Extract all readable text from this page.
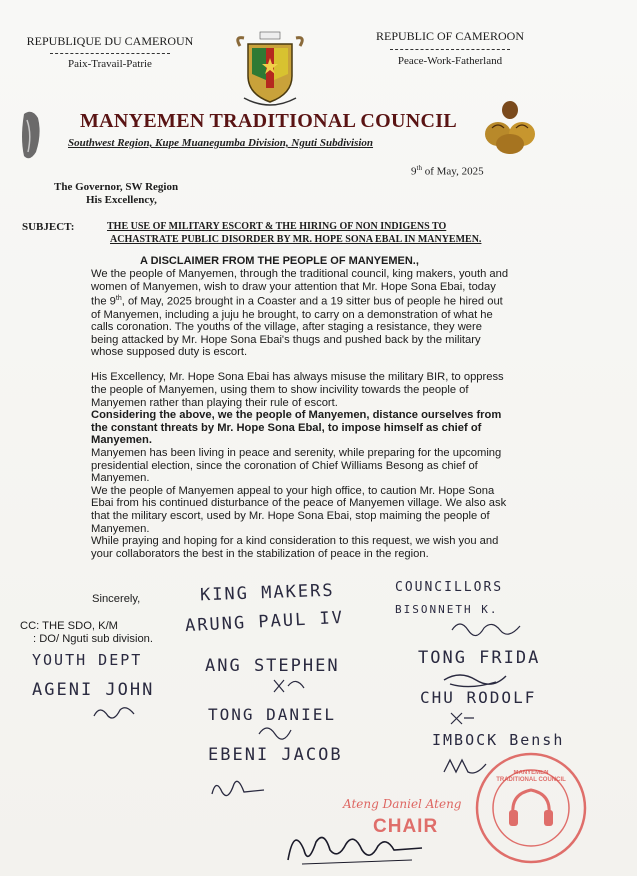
REPUBLIQUE DU CAMEROUN
Paix-Travail-Patrie
REPUBLIC OF CAMEROON
Peace-Work-Fatherland
MANYEMEN TRADITIONAL COUNCIL
Southwest Region, Kupe Muanegumba Division, Nguti Subdivision
9th of May, 2025
The Governor, SW Region
His Excellency,
SUBJECT:	THE USE OF MILITARY ESCORT & THE HIRING OF NON INDIGENS TO
ACHASTRATE PUBLIC DISORDER BY MR. HOPE SONA EBAL IN MANYEMEN.
A DISCLAIMER FROM THE PEOPLE OF MANYEMEN.,
We the people of Manyemen, through the traditional council, king makers, youth and
women of Manyemen, wish to draw your attention that Mr. Hope Sona Ebai, today
the 9th, of May, 2025 brought in a Coaster and a 19 sitter bus of people he hired out
of Manyemen, including a juju he brought, to carry on a demonstration of what he
calls coronation. The youths of the village, after staging a resistance, they were
being attacked by Mr. Hope Sona Ebai's thugs and pushed back by the military
whose supposed duty is escort.
His Excellency, Mr. Hope Sona Ebai has always misuse the military BIR, to oppress
the people of Manyemen, using them to show incivility towards the people of
Manyemen rather than playing their rule of escort.
Considering the above, we the people of Manyemen, distance ourselves from
the constant threats by Mr. Hope Sona Ebal, to impose himself as chief of
Manyemen.
Manyemen has been living in peace and serenity, while preparing for the upcoming
presidential election, since the coronation of Chief Williams Besong as chief of
Manyemen.
We the people of Manyemen appeal to your high office, to caution Mr. Hope Sona
Ebai from his continued disturbance of the peace of Manyemen village. We also ask
that the military escort, used by Mr. Hope Sona Ebai, stop maiming the people of
Manyemen.
While praying and hoping for a kind consideration to this request, we wish you and
your collaborators the best in the stabilization of peace in the region.
Sincerely,
CC: THE SDO, K/M
: DO/ Nguti sub division.
KING MAKERS	COUNCILLORS
ARUNG PAUL IV	BISONNETH K.
YOUTH DEPT	ANG STEPHEN	TONG FRIDA
AGENI JOHN
TONG DANIEL
CHU RODOLF
EBENI JACOB
IMBOCK Bensh
MANYEMEN TRADITIONAL COUNCIL
Ateng Daniel Ateng
CHAIR
